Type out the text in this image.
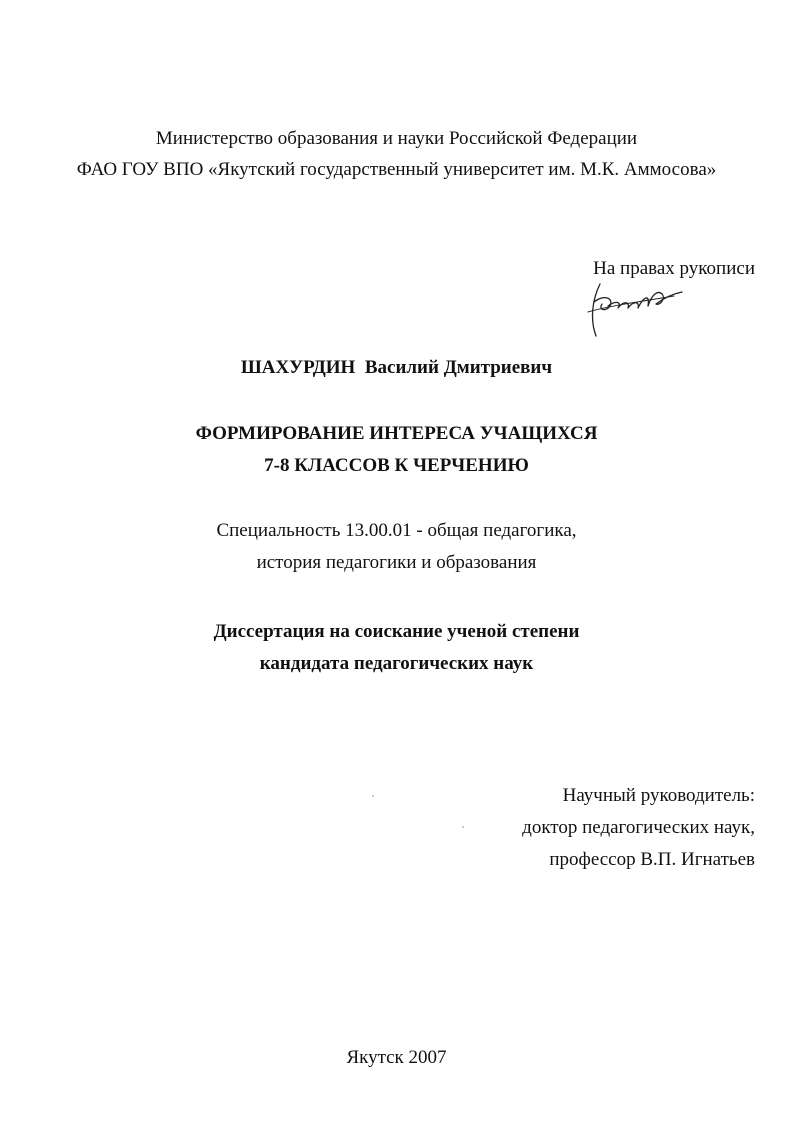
Министерство образования и науки Российской Федерации
ФАО ГОУ ВПО «Якутский государственный университет им. М.К. Аммосова»
На правах рукописи
ШАХУРДИН Василий Дмитриевич
ФОРМИРОВАНИЕ ИНТЕРЕСА УЧАЩИХСЯ
7-8 КЛАССОВ К ЧЕРЧЕНИЮ
Специальность 13.00.01 - общая педагогика,
история педагогики и образования
Диссертация на соискание ученой степени
кандидата педагогических наук
Научный руководитель:
доктор педагогических наук,
профессор В.П. Игнатьев
Якутск 2007
